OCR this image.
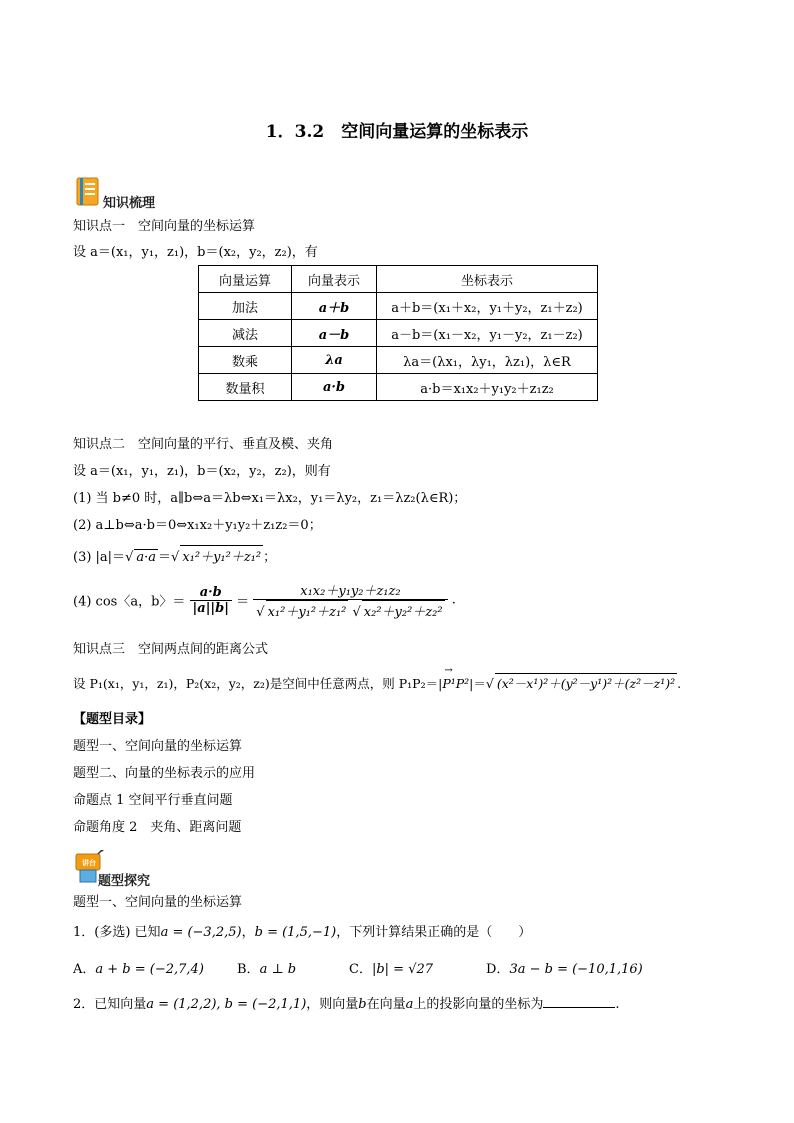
1．3.2　空间向量运算的坐标表示
知识梳理
知识点一　空间向量的坐标运算
设 a＝(x₁，y₁，z₁)，b＝(x₂，y₂，z₂)，有
向量运算	向量表示	坐标表示
加法	a＋b	a＋b＝(x₁＋x₂，y₁＋y₂，z₁＋z₂)
减法	a－b	a－b＝(x₁－x₂，y₁－y₂，z₁－z₂)
数乘	λa	λa＝(λx₁，λy₁，λz₁)，λ∈R
数量积	a·b	a·b＝x₁x₂＋y₁y₂＋z₁z₂
知识点二　空间向量的平行、垂直及模、夹角
设 a＝(x₁，y₁，z₁)，b＝(x₂，y₂，z₂)，则有
(1) 当 b≠0 时，a∥b⇔a＝λb⇔x₁＝λx₂，y₁＝λy₂，z₁＝λz₂(λ∈R)；
(2) a⊥b⇔a·b＝0⇔x₁x₂＋y₁y₂＋z₁z₂＝0；
(3) |a|＝√ a·a ＝√ x₁²＋y₁²＋z₁² ；
(4) cos〈a，b〉＝ $\frac{a\cdot b}{|a||b|} = \frac{\text{x₁x₂＋y₁y₂＋z₁z₂}}{\text{√ x₁²＋y₁²＋z₁² √ x₂²＋y₂²＋z₂²}}$ .
知识点三　空间两点间的距离公式
设 P₁(x₁，y₁，z₁)，P₂(x₂，y₂，z₂)是空间中任意两点，则 P₁P₂＝|
→
P¹P²|＝√ (x²－x¹)²＋(y²－y¹)²＋(z²－z¹)² .
【题型目录】
题型一、空间向量的坐标运算
题型二、向量的坐标表示的应用
命题点 1 空间平行垂直问题
命题角度 2　夹角、距离问题
讲台
题型探究
题型一、空间向量的坐标运算
1．(多选) 已知a = (−3,2,5)，b = (1,5,−1)，下列计算结果正确的是（　　）
A．a + b = (−2,7,4)	B．a ⊥ b	C．|b| = √27	D．3a − b = (−10,1,16)
2．已知向量a = (1,2,2), b = (−2,1,1)，则向量b在向量a上的投影向量的坐标为	.
